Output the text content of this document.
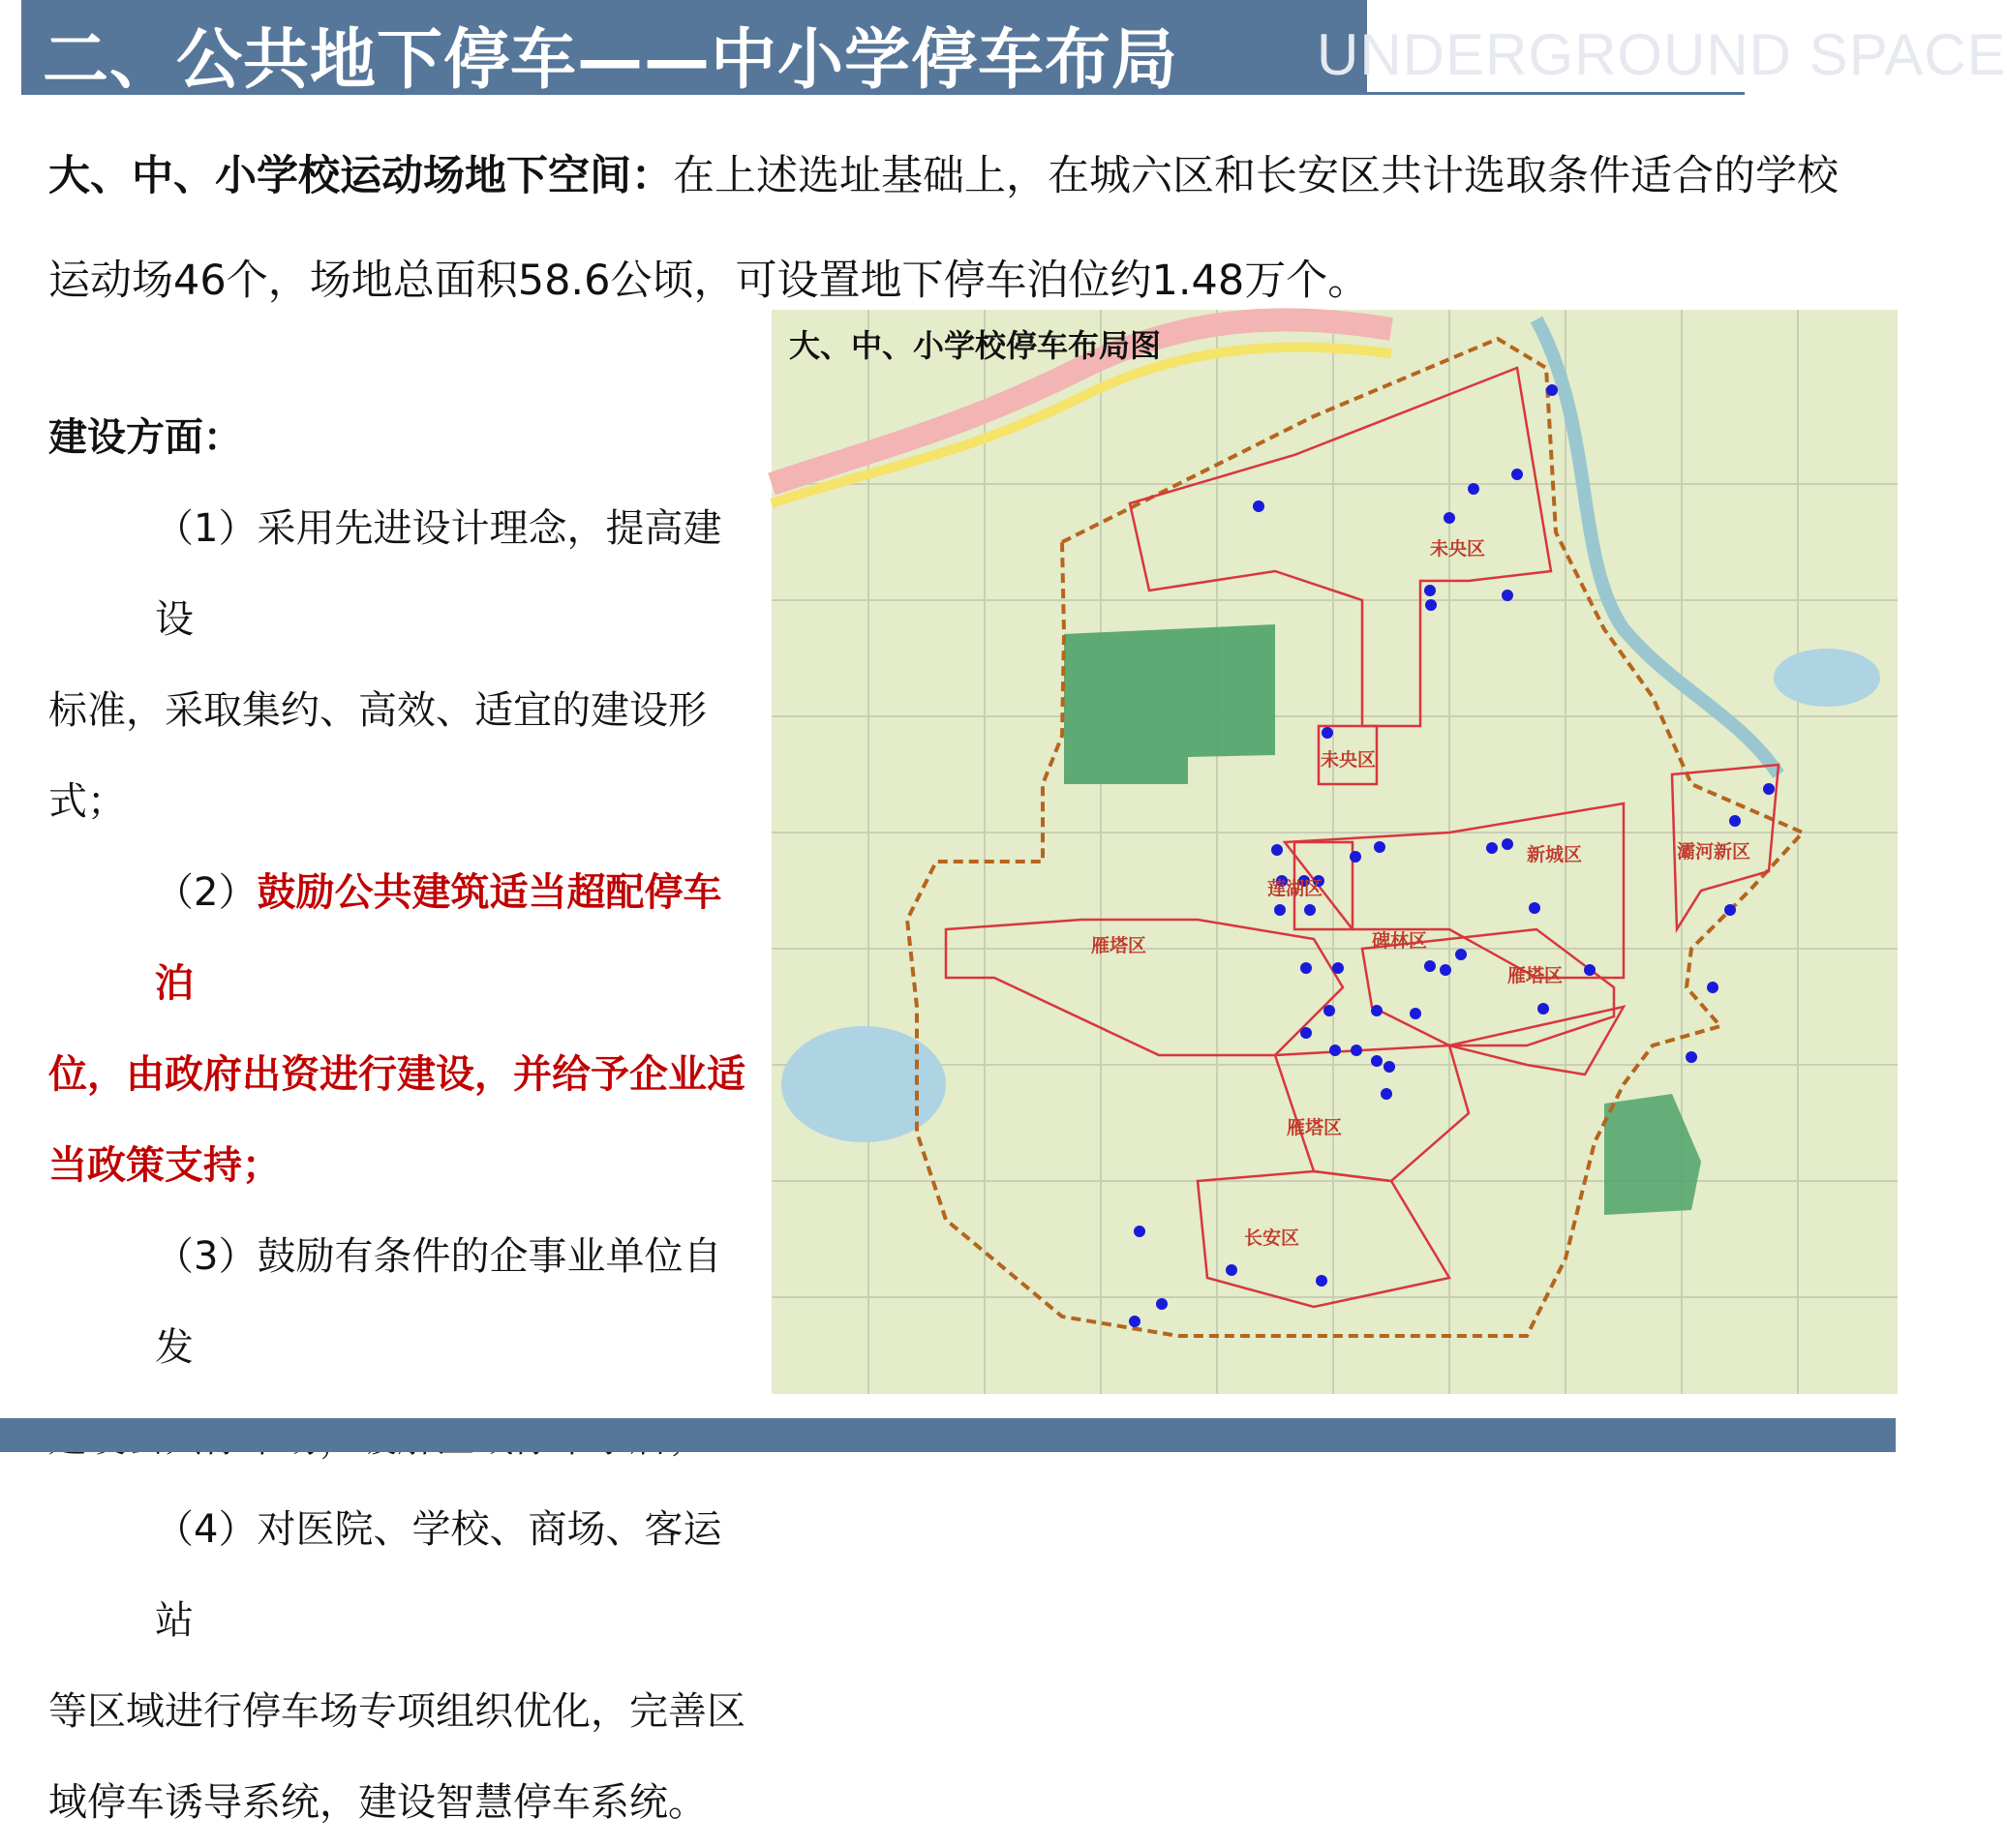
二、公共地下停车——中小学停车布局 UNDERGROUND SPACE
大、中、小学校运动场地下空间：在上述选址基础上，在城六区和长安区共计选取条件适合的学校运动场46个，场地总面积58.6公顷，可设置地下停车泊位约1.48万个。

建设方面：

（1）采用先进设计理念，提高建设

标准，采取集约、高效、适宜的建设形式；

（2）鼓励公共建筑适当超配停车泊

位，由政府出资进行建设，并给予企业适

当政策支持；

（3）鼓励有条件的企事业单位自发

（4）对医院、学校、商场、客运站

等区域进行停车场专项组织优化，完善区

域停车诱导系统，建设智慧停车系统。

大、中、小学校停车布局图
未央区
未央区
新城区	灞河新区
莲湖区
碑林区
雁塔区
雁塔区
雁塔区
长安区
